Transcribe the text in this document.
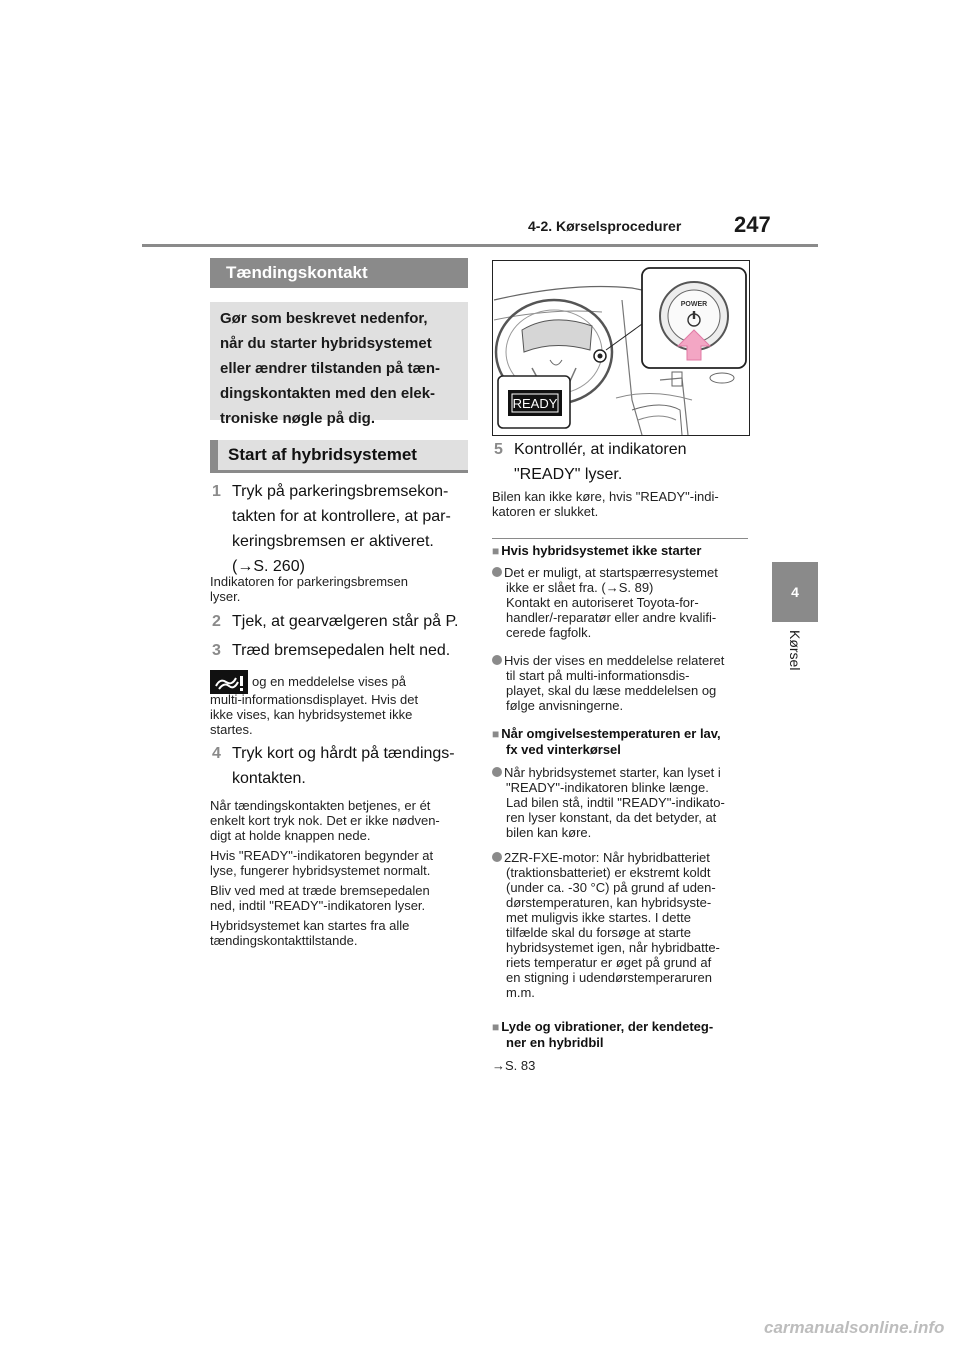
4-2. Kørselsprocedurer 247
4
Kørsel
Tændingskontakt
Gør som beskrevet nedenfor,
når du starter hybridsystemet
eller ændrer tilstanden på tæn-
dingskontakten med den elek-
troniske nøgle på dig.
Start af hybridsystemet
1 Tryk på parkeringsbremsekon-
takten for at kontrollere, at par-
keringsbremsen er aktiveret.
(→S. 260)
Indikatoren for parkeringsbremsen
lyser.
2 Tjek, at gearvælgeren står på P.
3 Træd bremsepedalen helt ned.
og en meddelelse vises på
multi-informationsdisplayet. Hvis det
ikke vises, kan hybridsystemet ikke
startes.
4 Tryk kort og hårdt på tændings-
kontakten.
Når tændingskontakten betjenes, er ét
enkelt kort tryk nok. Det er ikke nødven-
digt at holde knappen nede.
Hvis "READY"-indikatoren begynder at
lyse, fungerer hybridsystemet normalt.
Bliv ved med at træde bremsepedalen
ned, indtil "READY"-indikatoren lyser.
Hybridsystemet kan startes fra alle
tændingskontakttilstande.
POWER
READY
5 Kontrollér, at indikatoren
"READY" lyser.
Bilen kan ikke køre, hvis "READY"-indi-
katoren er slukket.
■ Hvis hybridsystemet ikke starter
Det er muligt, at startspærresystemet
ikke er slået fra. (→S. 89)
Kontakt en autoriseret Toyota-for-
handler/-reparatør eller andre kvalifi-
cerede fagfolk.
Hvis der vises en meddelelse relateret
til start på multi-informationsdis-
playet, skal du læse meddelelsen og
følge anvisningerne.
■ Når omgivelsestemperaturen er lav,
fx ved vinterkørsel
Når hybridsystemet starter, kan lyset i
"READY"-indikatoren blinke længe.
Lad bilen stå, indtil "READY"-indikato-
ren lyser konstant, da det betyder, at
bilen kan køre.
2ZR-FXE-motor: Når hybridbatteriet
(traktionsbatteriet) er ekstremt koldt
(under ca. -30 °C) på grund af uden-
dørstemperaturen, kan hybridsyste-
met muligvis ikke startes. I dette
tilfælde skal du forsøge at starte
hybridsystemet igen, når hybridbatte-
riets temperatur er øget på grund af
en stigning i udendørstemperaruren
m.m.
■ Lyde og vibrationer, der kendeteg-
ner en hybridbil
→S. 83
carmanualsonline.info
